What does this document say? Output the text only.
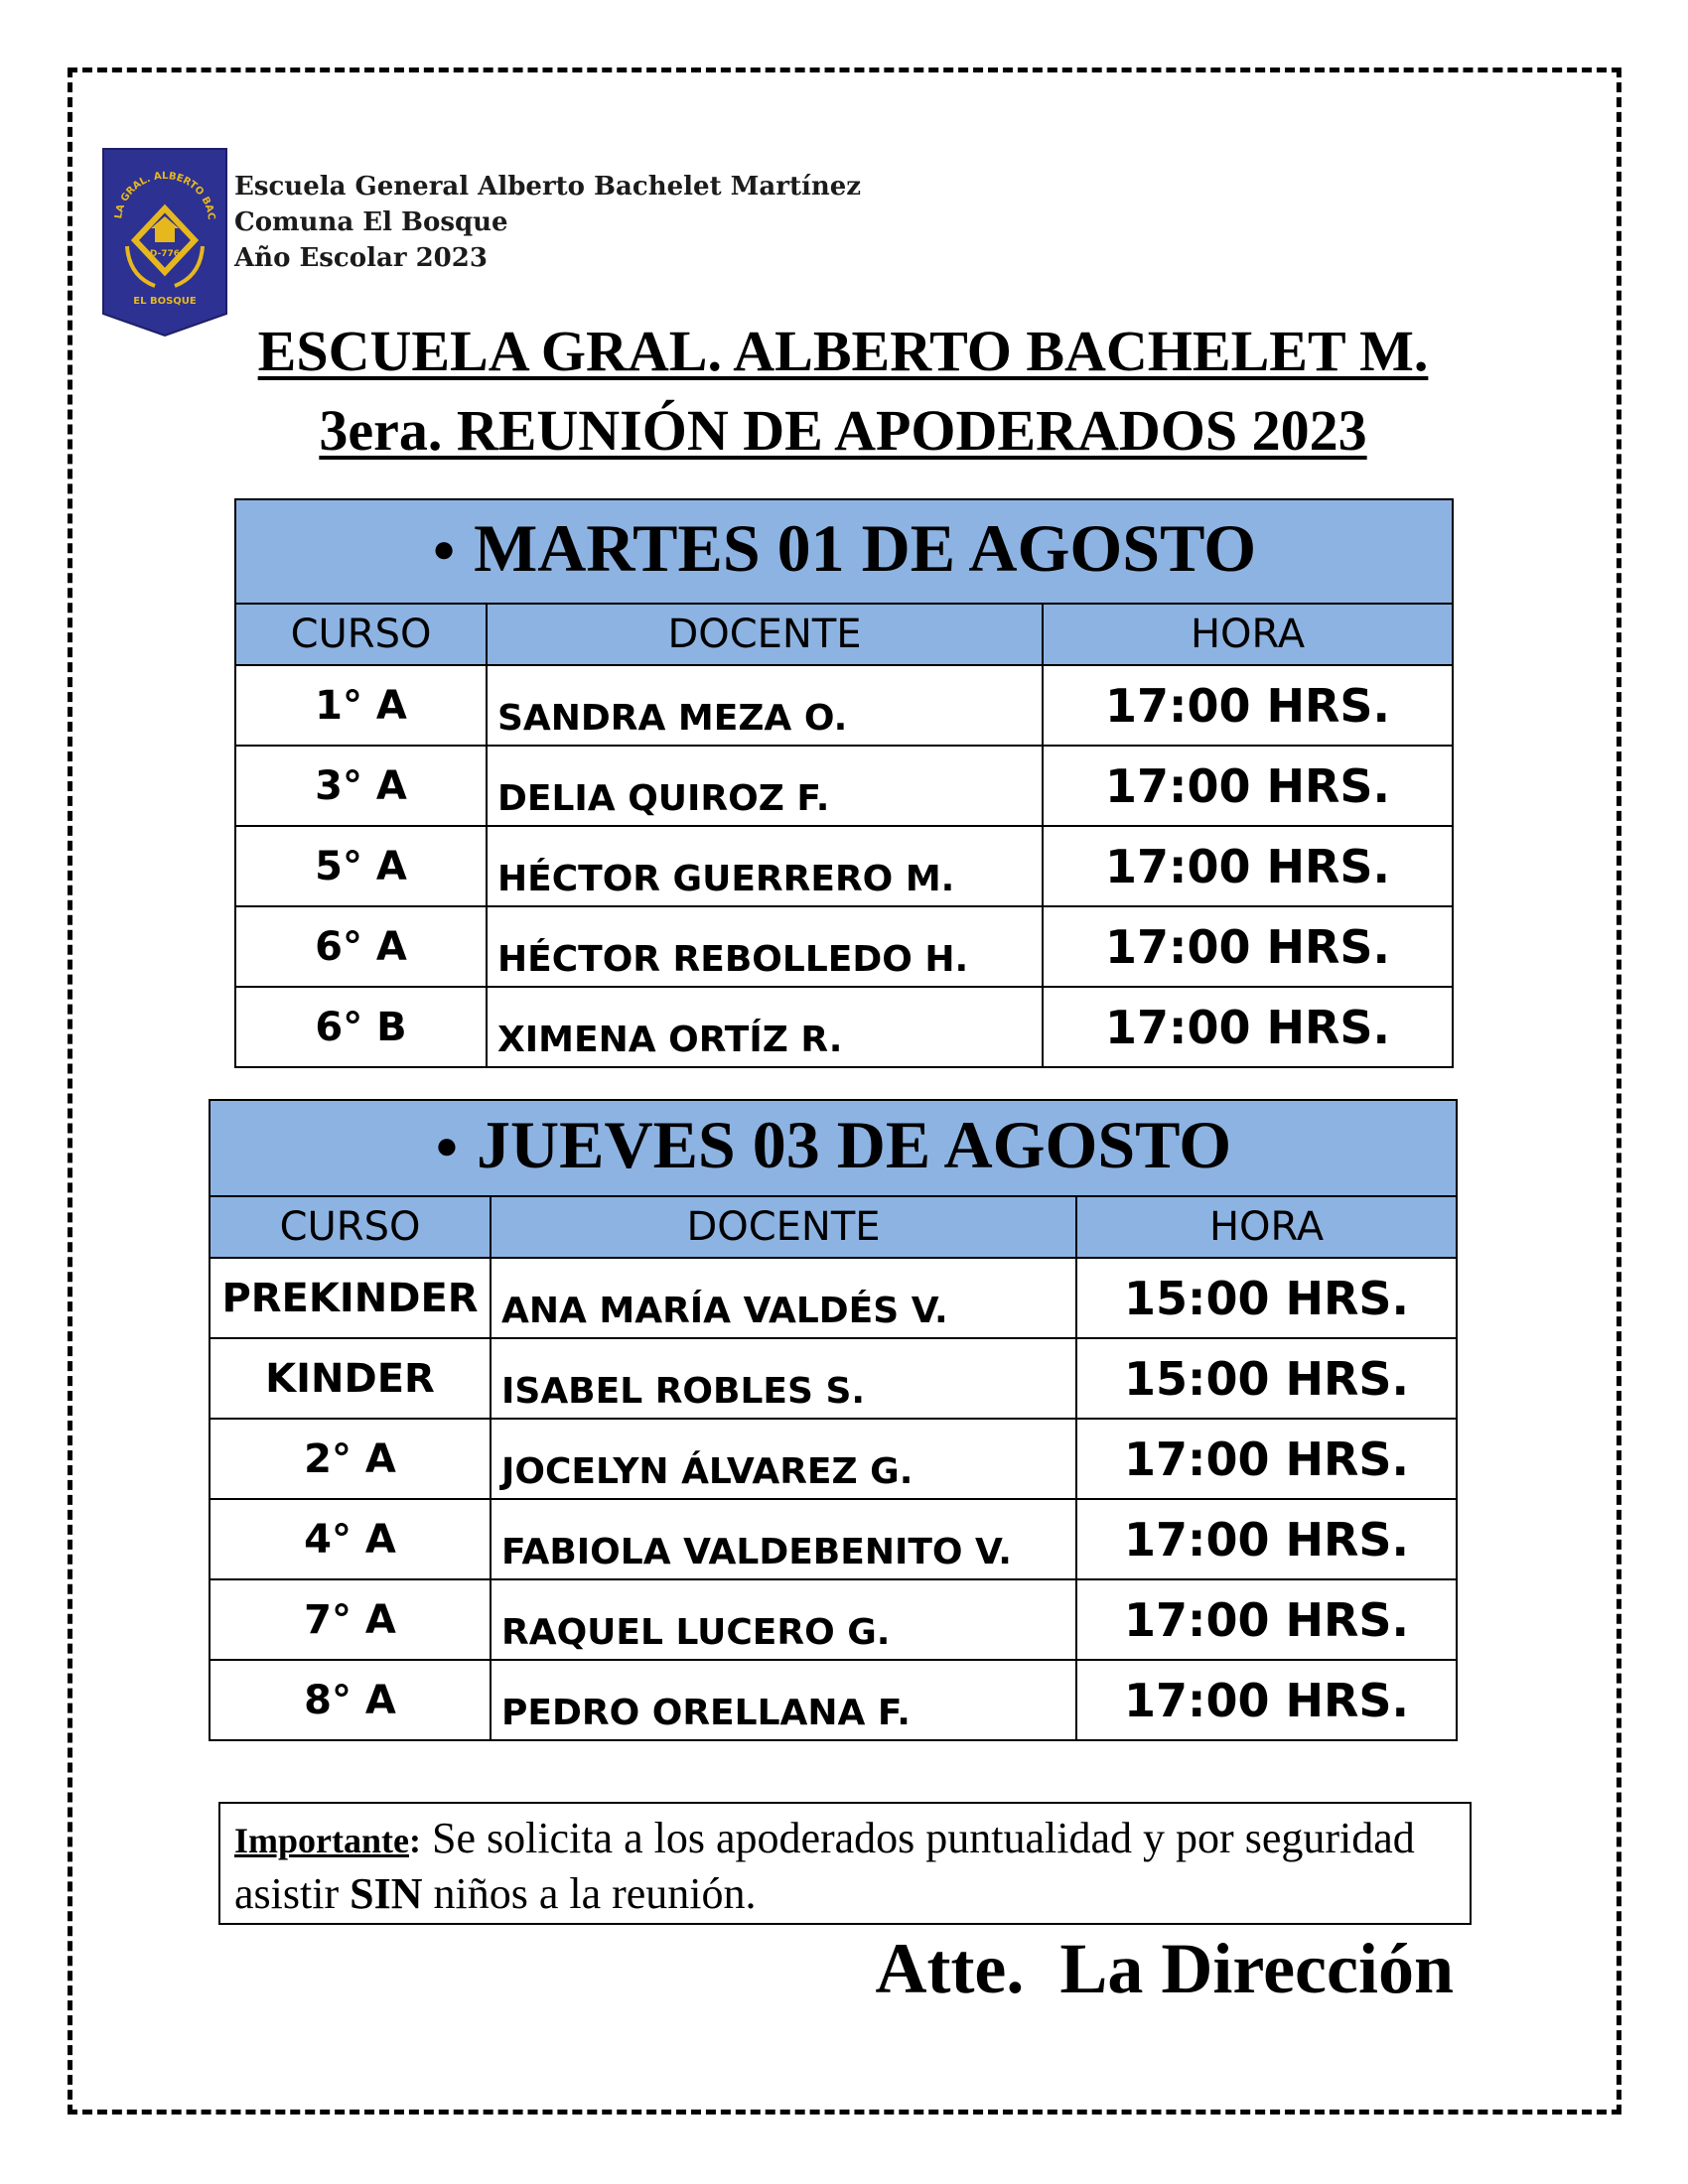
LA GRAL. ALBERTO BAC
D-776
EL BOSQUE
Escuela General Alberto Bachelet Martínez
Comuna El Bosque
Año Escolar 2023
ESCUELA GRAL. ALBERTO BACHELET M.
3era. REUNIÓN DE APODERADOS 2023
● MARTES 01 DE AGOSTO		
CURSO	DOCENTE	HORA
1° A	SANDRA MEZA O.	17:00 HRS.
3° A	DELIA QUIROZ F.	17:00 HRS.
5° A	HÉCTOR GUERRERO M.	17:00 HRS.
6° A	HÉCTOR REBOLLEDO H.	17:00 HRS.
6° B	XIMENA ORTÍZ R.	17:00 HRS.
● JUEVES 03 DE AGOSTO		
CURSO	DOCENTE	HORA
PREKINDER	ANA MARÍA VALDÉS V.	15:00 HRS.
KINDER	ISABEL ROBLES S.	15:00 HRS.
2° A	JOCELYN ÁLVAREZ G.	17:00 HRS.
4° A	FABIOLA VALDEBENITO V.	17:00 HRS.
7° A	RAQUEL LUCERO G.	17:00 HRS.
8° A	PEDRO ORELLANA F.	17:00 HRS.
Importante: Se solicita a los apoderados puntualidad y por seguridad asistir SIN niños a la reunión.
Atte.  La Dirección
